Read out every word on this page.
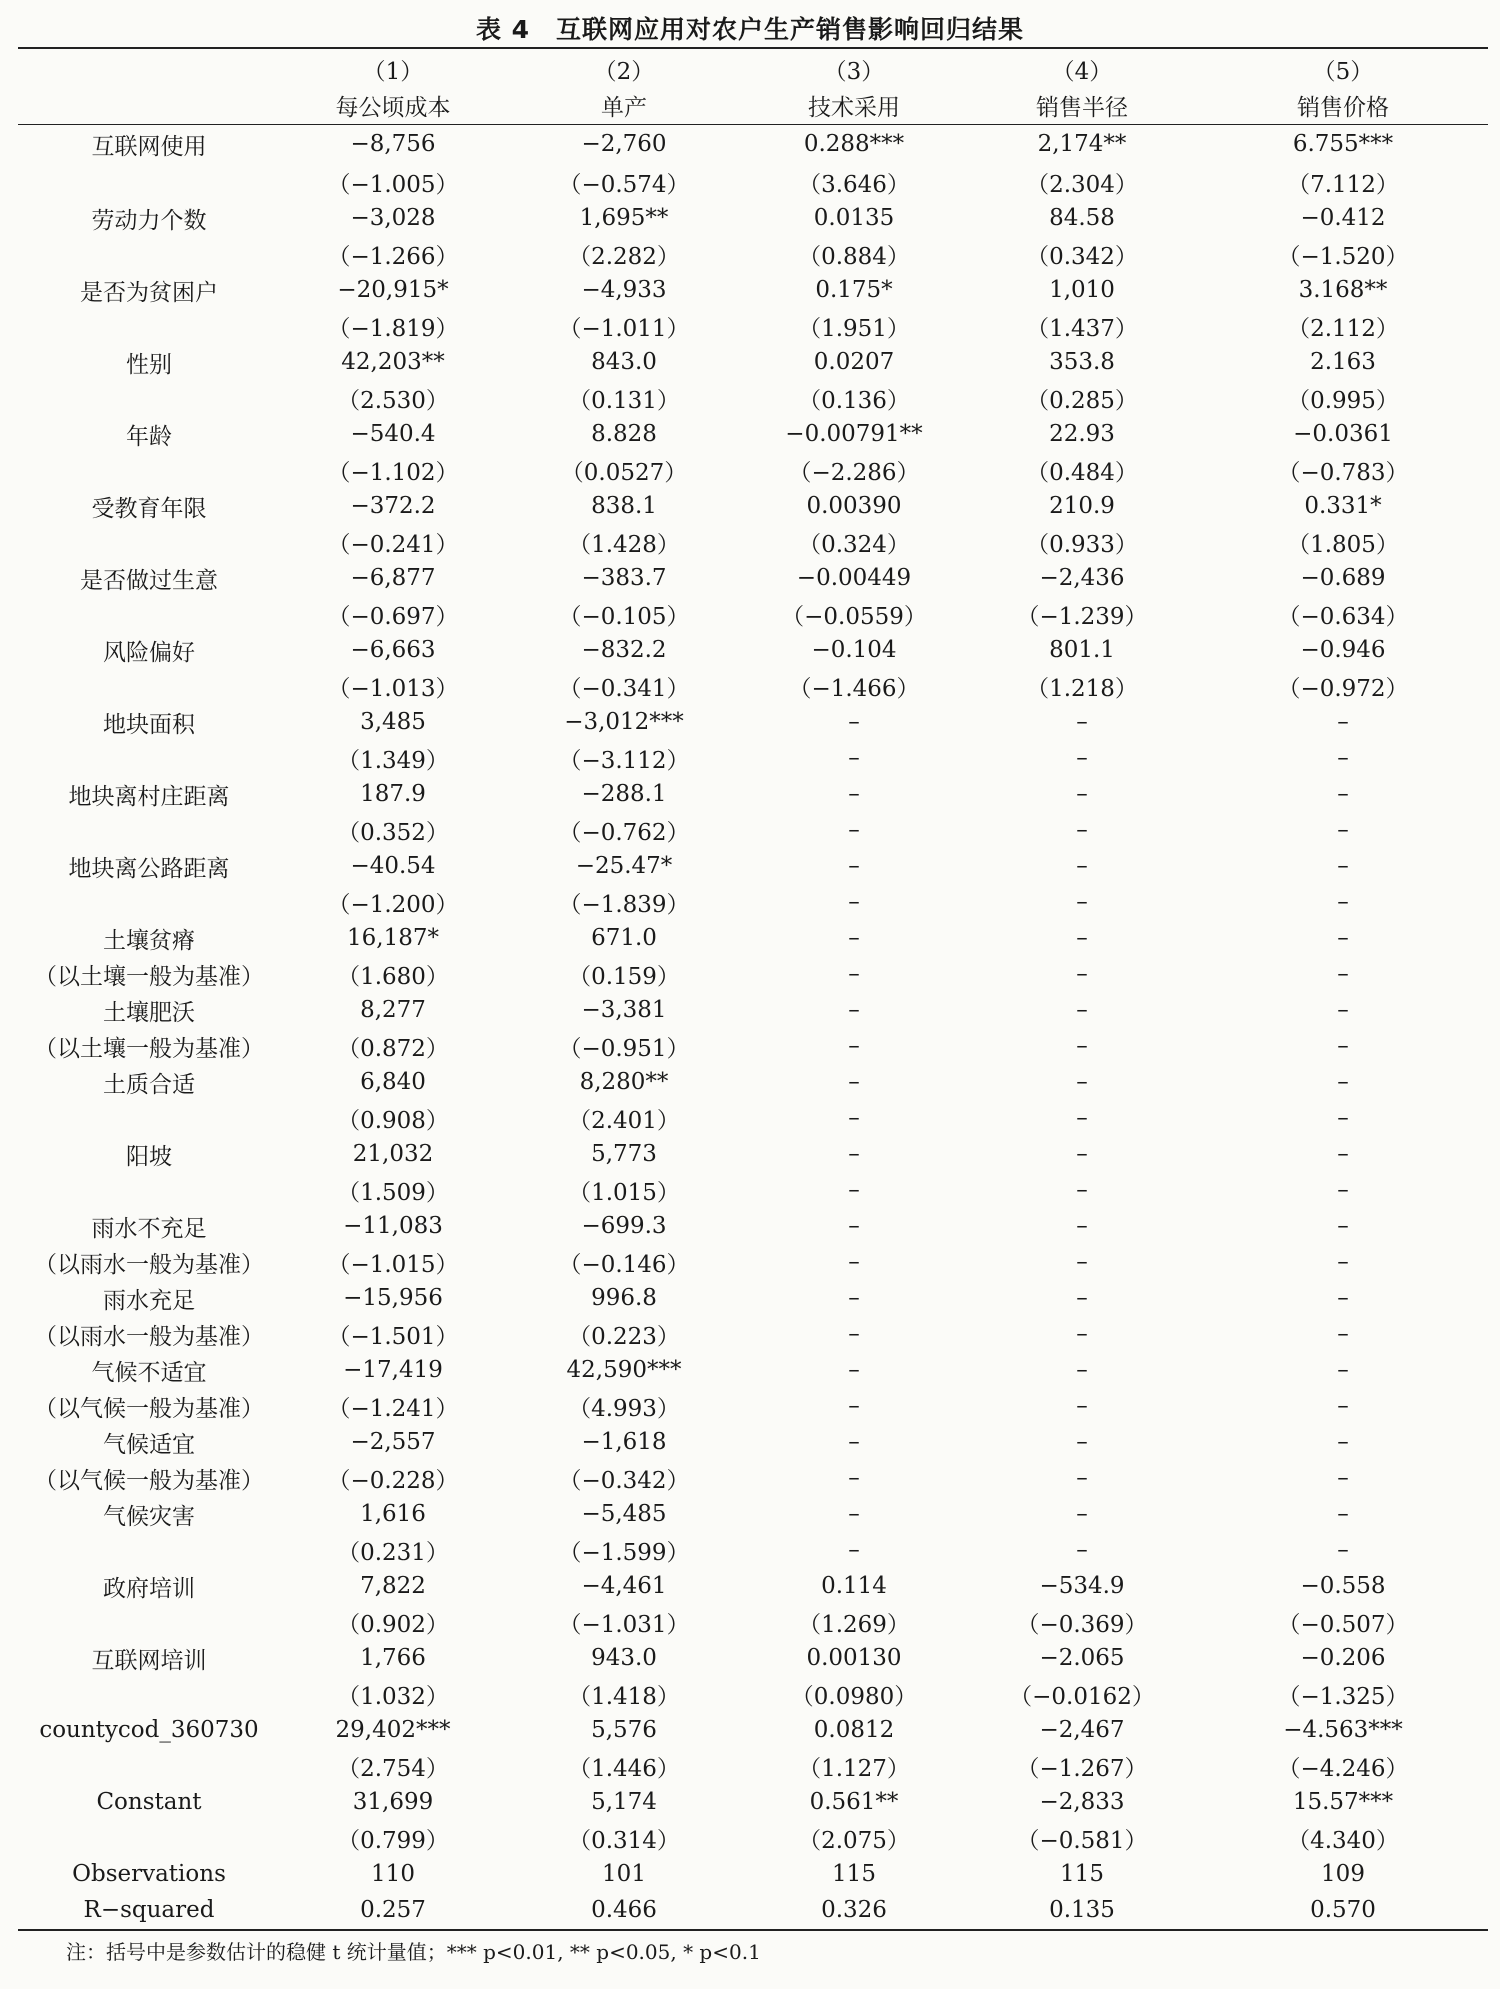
表 4　互联网应用对农户生产销售影响回归结果
	（1）	（2）	（3）	（4）	（5）
	每公顷成本	单产	技术采用	销售半径	销售价格
互联网使用	−8,756	−2,760	0.288***	2,174**	6.755***
	（−1.005）	（−0.574）	（3.646）	（2.304）	（7.112）
劳动力个数	−3,028	1,695**	0.0135	84.58	−0.412
	（−1.266）	（2.282）	（0.884）	（0.342）	（−1.520）
是否为贫困户	−20,915*	−4,933	0.175*	1,010	3.168**
	（−1.819）	（−1.011）	（1.951）	（1.437）	（2.112）
性别	42,203**	843.0	0.0207	353.8	2.163
	（2.530）	（0.131）	（0.136）	（0.285）	（0.995）
年龄	−540.4	8.828	−0.00791**	22.93	−0.0361
	（−1.102）	（0.0527）	（−2.286）	（0.484）	（−0.783）
受教育年限	−372.2	838.1	0.00390	210.9	0.331*
	（−0.241）	（1.428）	（0.324）	（0.933）	（1.805）
是否做过生意	−6,877	−383.7	−0.00449	−2,436	−0.689
	（−0.697）	（−0.105）	（−0.0559）	（−1.239）	（−0.634）
风险偏好	−6,663	−832.2	−0.104	801.1	−0.946
	（−1.013）	（−0.341）	（−1.466）	（1.218）	（−0.972）
地块面积	3,485	−3,012***	–	–	–
	（1.349）	（−3.112）	–	–	–
地块离村庄距离	187.9	−288.1	–	–	–
	（0.352）	（−0.762）	–	–	–
地块离公路距离	−40.54	−25.47*	–	–	–
	（−1.200）	（−1.839）	–	–	–
土壤贫瘠	16,187*	671.0	–	–	–
（以土壤一般为基准）	（1.680）	（0.159）	–	–	–
土壤肥沃	8,277	−3,381	–	–	–
（以土壤一般为基准）	（0.872）	（−0.951）	–	–	–
土质合适	6,840	8,280**	–	–	–
	（0.908）	（2.401）	–	–	–
阳坡	21,032	5,773	–	–	–
	（1.509）	（1.015）	–	–	–
雨水不充足	−11,083	−699.3	–	–	–
（以雨水一般为基准）	（−1.015）	（−0.146）	–	–	–
雨水充足	−15,956	996.8	–	–	–
（以雨水一般为基准）	（−1.501）	（0.223）	–	–	–
气候不适宜	−17,419	42,590***	–	–	–
（以气候一般为基准）	（−1.241）	（4.993）	–	–	–
气候适宜	−2,557	−1,618	–	–	–
（以气候一般为基准）	（−0.228）	（−0.342）	–	–	–
气候灾害	1,616	−5,485	–	–	–
	（0.231）	（−1.599）	–	–	–
政府培训	7,822	−4,461	0.114	−534.9	−0.558
	（0.902）	（−1.031）	（1.269）	（−0.369）	（−0.507）
互联网培训	1,766	943.0	0.00130	−2.065	−0.206
	（1.032）	（1.418）	（0.0980）	（−0.0162）	（−1.325）
countycod_360730	29,402***	5,576	0.0812	−2,467	−4.563***
	（2.754）	（1.446）	（1.127）	（−1.267）	（−4.246）
Constant	31,699	5,174	0.561**	−2,833	15.57***
	（0.799）	（0.314）	（2.075）	（−0.581）	（4.340）
Observations	110	101	115	115	109
R−squared	0.257	0.466	0.326	0.135	0.570
注：括号中是参数估计的稳健 t 统计量值；*** p<0.01, ** p<0.05, * p<0.1
